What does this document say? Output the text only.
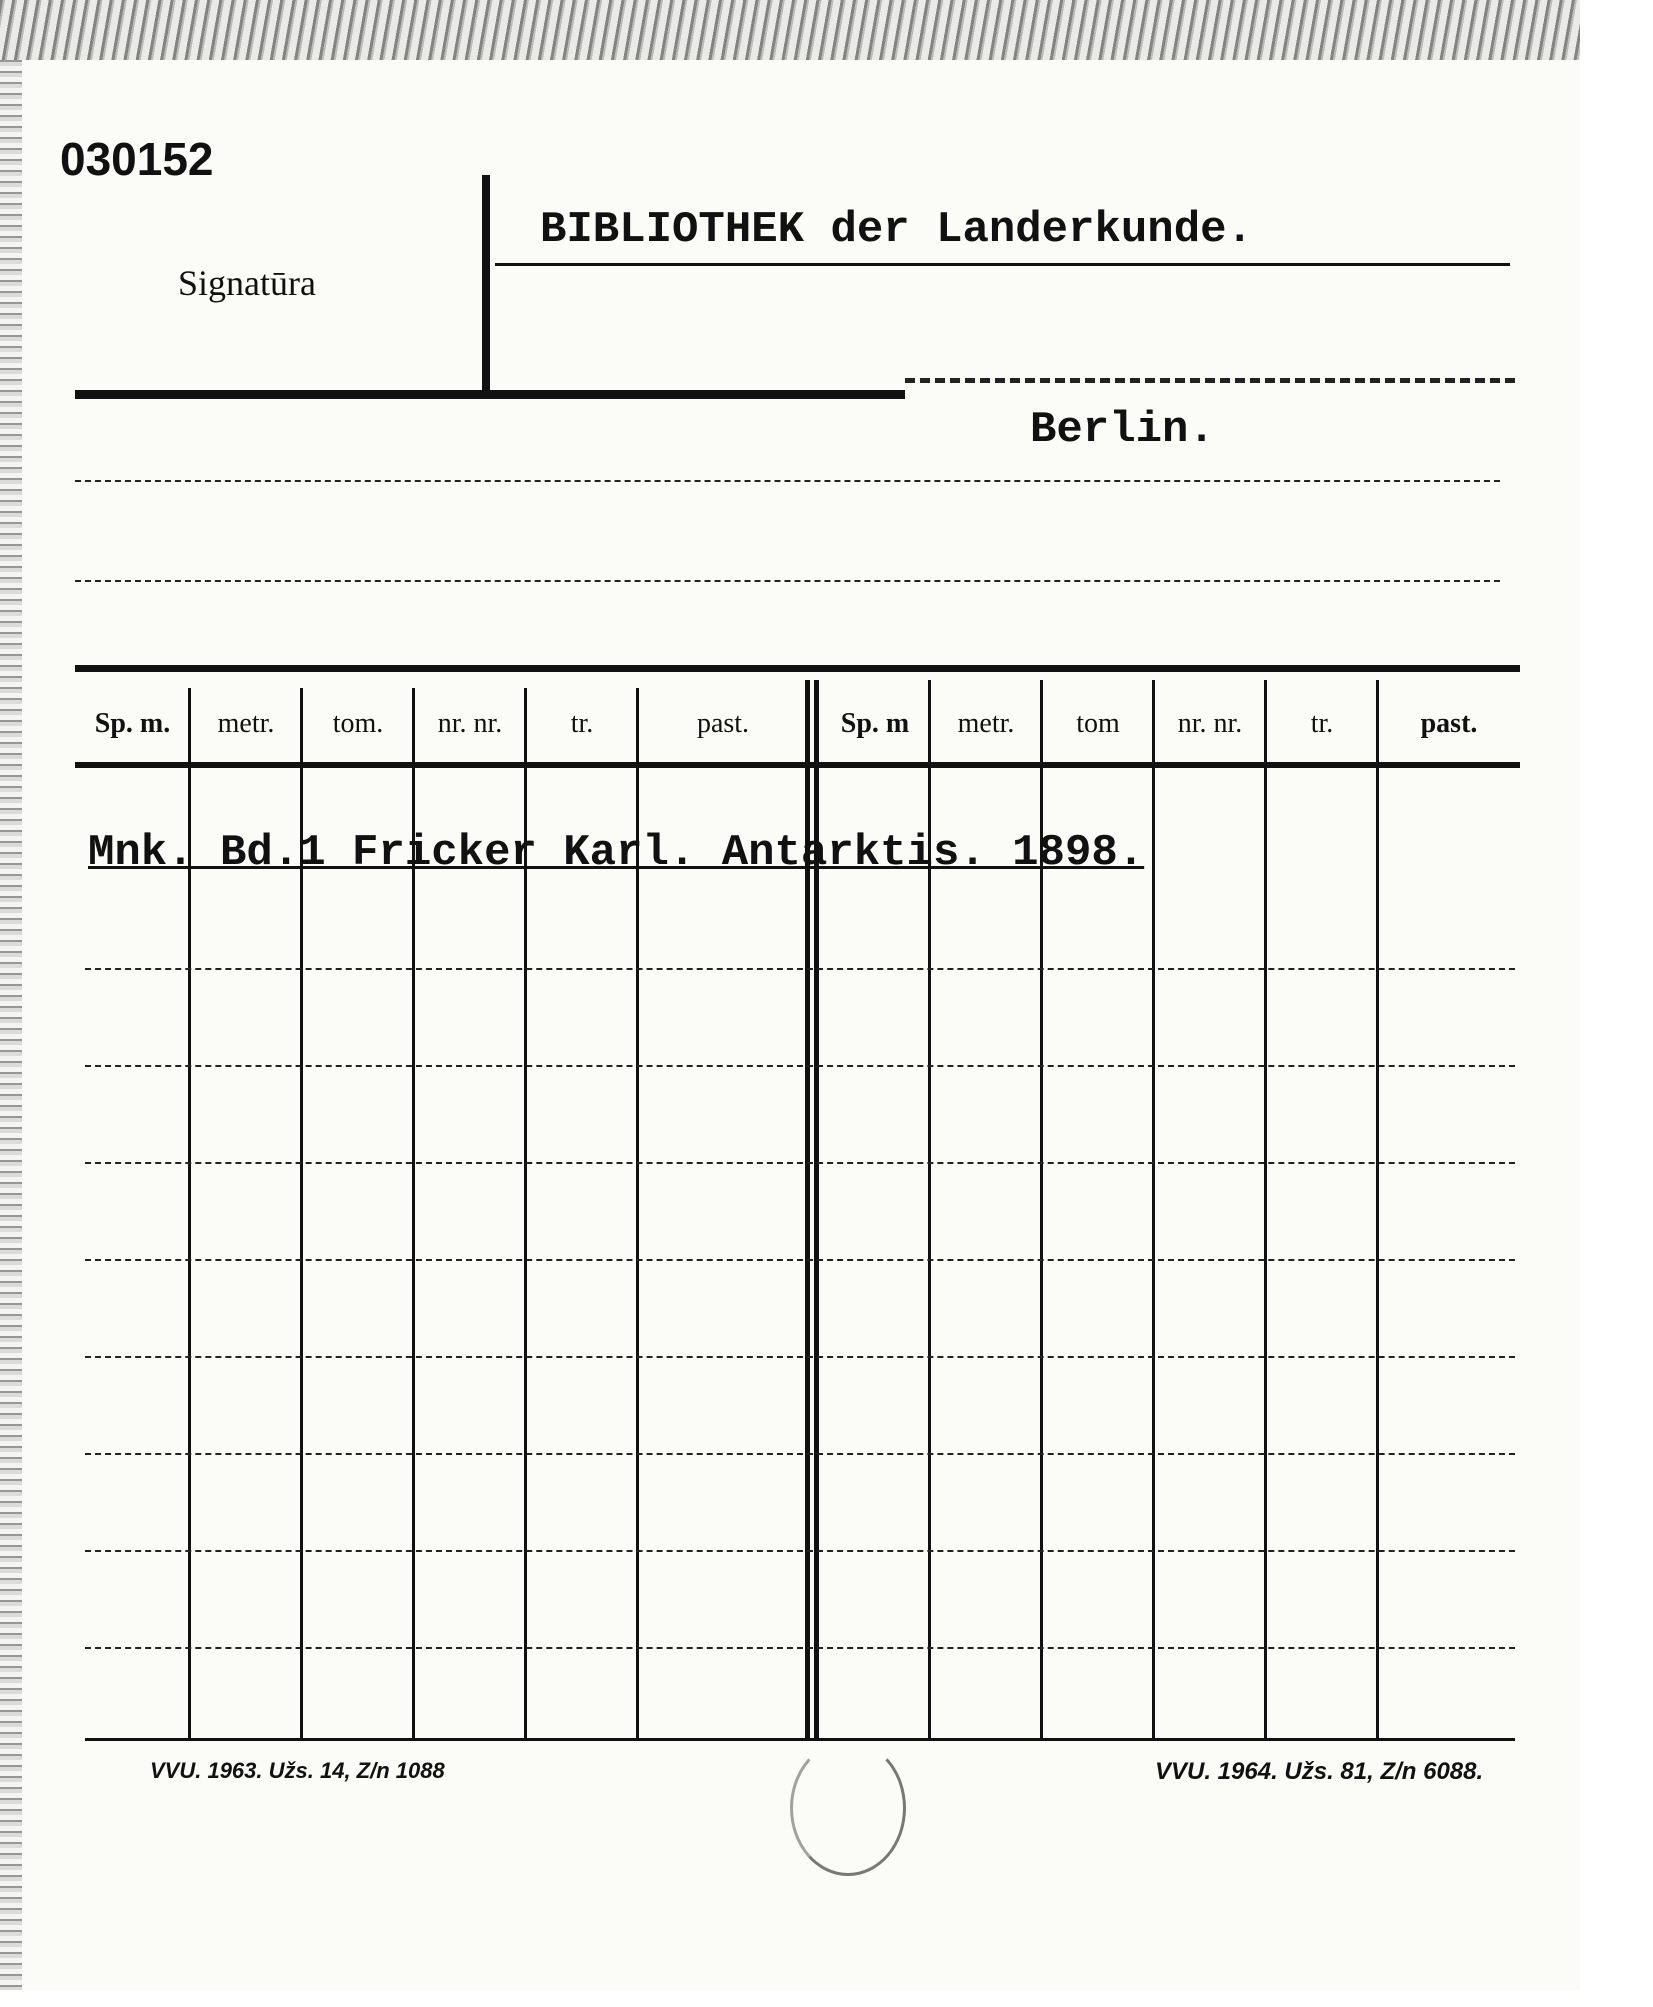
030152
Signatūra
BIBLIOTHEK der Landerkunde.
Berlin.
Sp. m.	metr.	tom.	nr. nr.	tr.	past.	Sp. m	metr.	tom	nr. nr.	tr.	past.
Mnk. Bd.1 Fricker Karl. Antarktis. 1898.
VVU. 1963. Užs. 14, Z/n 1088	VVU. 1964. Užs. 81, Z/n 6088.
